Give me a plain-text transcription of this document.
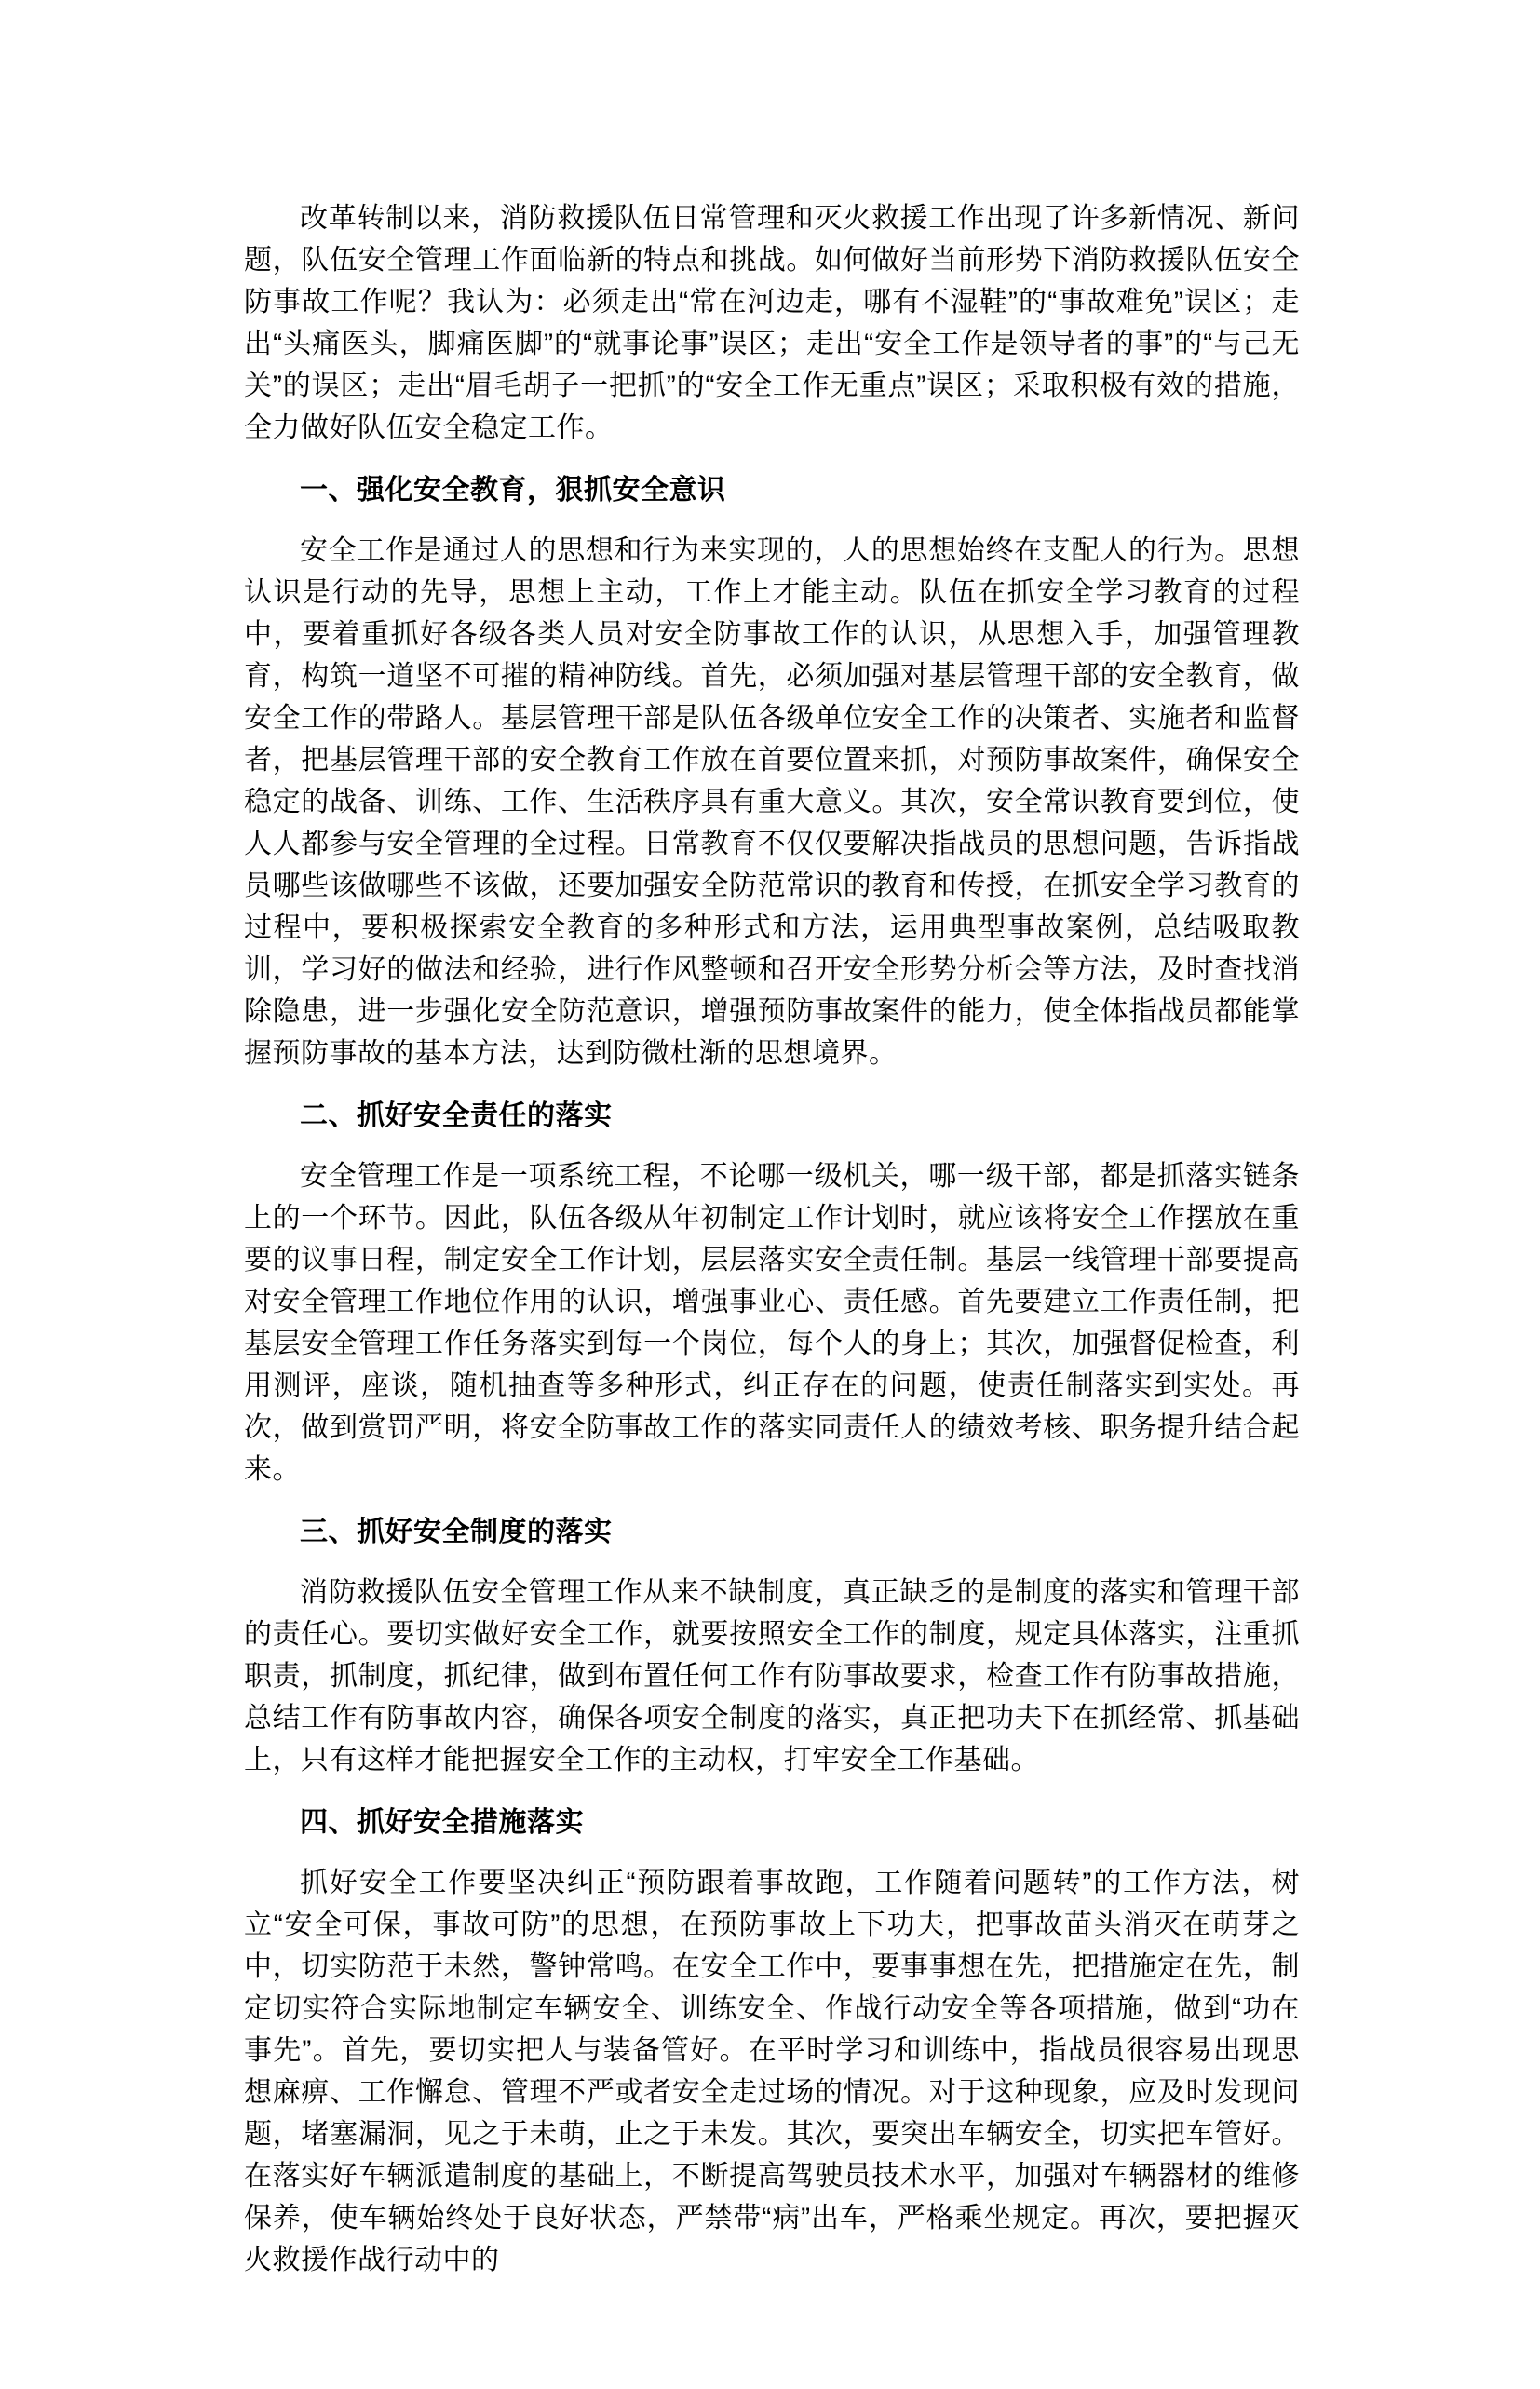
改革转制以来，消防救援队伍日常管理和灭火救援工作出现了许多新情况、新问题，队伍安全管理工作面临新的特点和挑战。如何做好当前形势下消防救援队伍安全防事故工作呢？我认为：必须走出“常在河边走，哪有不湿鞋”的“事故难免”误区；走出“头痛医头，脚痛医脚”的“就事论事”误区；走出“安全工作是领导者的事”的“与己无关”的误区；走出“眉毛胡子一把抓”的“安全工作无重点”误区；采取积极有效的措施，全力做好队伍安全稳定工作。

一、强化安全教育，狠抓安全意识

安全工作是通过人的思想和行为来实现的，人的思想始终在支配人的行为。思想认识是行动的先导，思想上主动，工作上才能主动。队伍在抓安全学习教育的过程中，要着重抓好各级各类人员对安全防事故工作的认识，从思想入手，加强管理教育，构筑一道坚不可摧的精神防线。首先，必须加强对基层管理干部的安全教育，做安全工作的带路人。基层管理干部是队伍各级单位安全工作的决策者、实施者和监督者，把基层管理干部的安全教育工作放在首要位置来抓，对预防事故案件，确保安全稳定的战备、训练、工作、生活秩序具有重大意义。其次，安全常识教育要到位，使人人都参与安全管理的全过程。日常教育不仅仅要解决指战员的思想问题，告诉指战员哪些该做哪些不该做，还要加强安全防范常识的教育和传授，在抓安全学习教育的过程中，要积极探索安全教育的多种形式和方法，运用典型事故案例，总结吸取教训，学习好的做法和经验，进行作风整顿和召开安全形势分析会等方法，及时查找消除隐患，进一步强化安全防范意识，增强预防事故案件的能力，使全体指战员都能掌握预防事故的基本方法，达到防微杜渐的思想境界。

二、抓好安全责任的落实

安全管理工作是一项系统工程，不论哪一级机关，哪一级干部，都是抓落实链条上的一个环节。因此，队伍各级从年初制定工作计划时，就应该将安全工作摆放在重要的议事日程，制定安全工作计划，层层落实安全责任制。基层一线管理干部要提高对安全管理工作地位作用的认识，增强事业心、责任感。首先要建立工作责任制，把基层安全管理工作任务落实到每一个岗位，每个人的身上；其次，加强督促检查，利用测评，座谈，随机抽查等多种形式，纠正存在的问题，使责任制落实到实处。再次，做到赏罚严明，将安全防事故工作的落实同责任人的绩效考核、职务提升结合起来。

三、抓好安全制度的落实

消防救援队伍安全管理工作从来不缺制度，真正缺乏的是制度的落实和管理干部的责任心。要切实做好安全工作，就要按照安全工作的制度，规定具体落实，注重抓职责，抓制度，抓纪律，做到布置任何工作有防事故要求，检查工作有防事故措施，总结工作有防事故内容，确保各项安全制度的落实，真正把功夫下在抓经常、抓基础上，只有这样才能把握安全工作的主动权，打牢安全工作基础。

四、抓好安全措施落实

抓好安全工作要坚决纠正“预防跟着事故跑，工作随着问题转”的工作方法，树立“安全可保，事故可防”的思想，在预防事故上下功夫，把事故苗头消灭在萌芽之中，切实防范于未然，警钟常鸣。在安全工作中，要事事想在先，把措施定在先，制定切实符合实际地制定车辆安全、训练安全、作战行动安全等各项措施，做到“功在事先”。首先，要切实把人与装备管好。在平时学习和训练中，指战员很容易出现思想麻痹、工作懈怠、管理不严或者安全走过场的情况。对于这种现象，应及时发现问题，堵塞漏洞，见之于未萌，止之于未发。其次，要突出车辆安全，切实把车管好。在落实好车辆派遣制度的基础上，不断提高驾驶员技术水平，加强对车辆器材的维修保养，使车辆始终处于良好状态，严禁带“病”出车，严格乘坐规定。再次，要把握灭火救援作战行动中的
